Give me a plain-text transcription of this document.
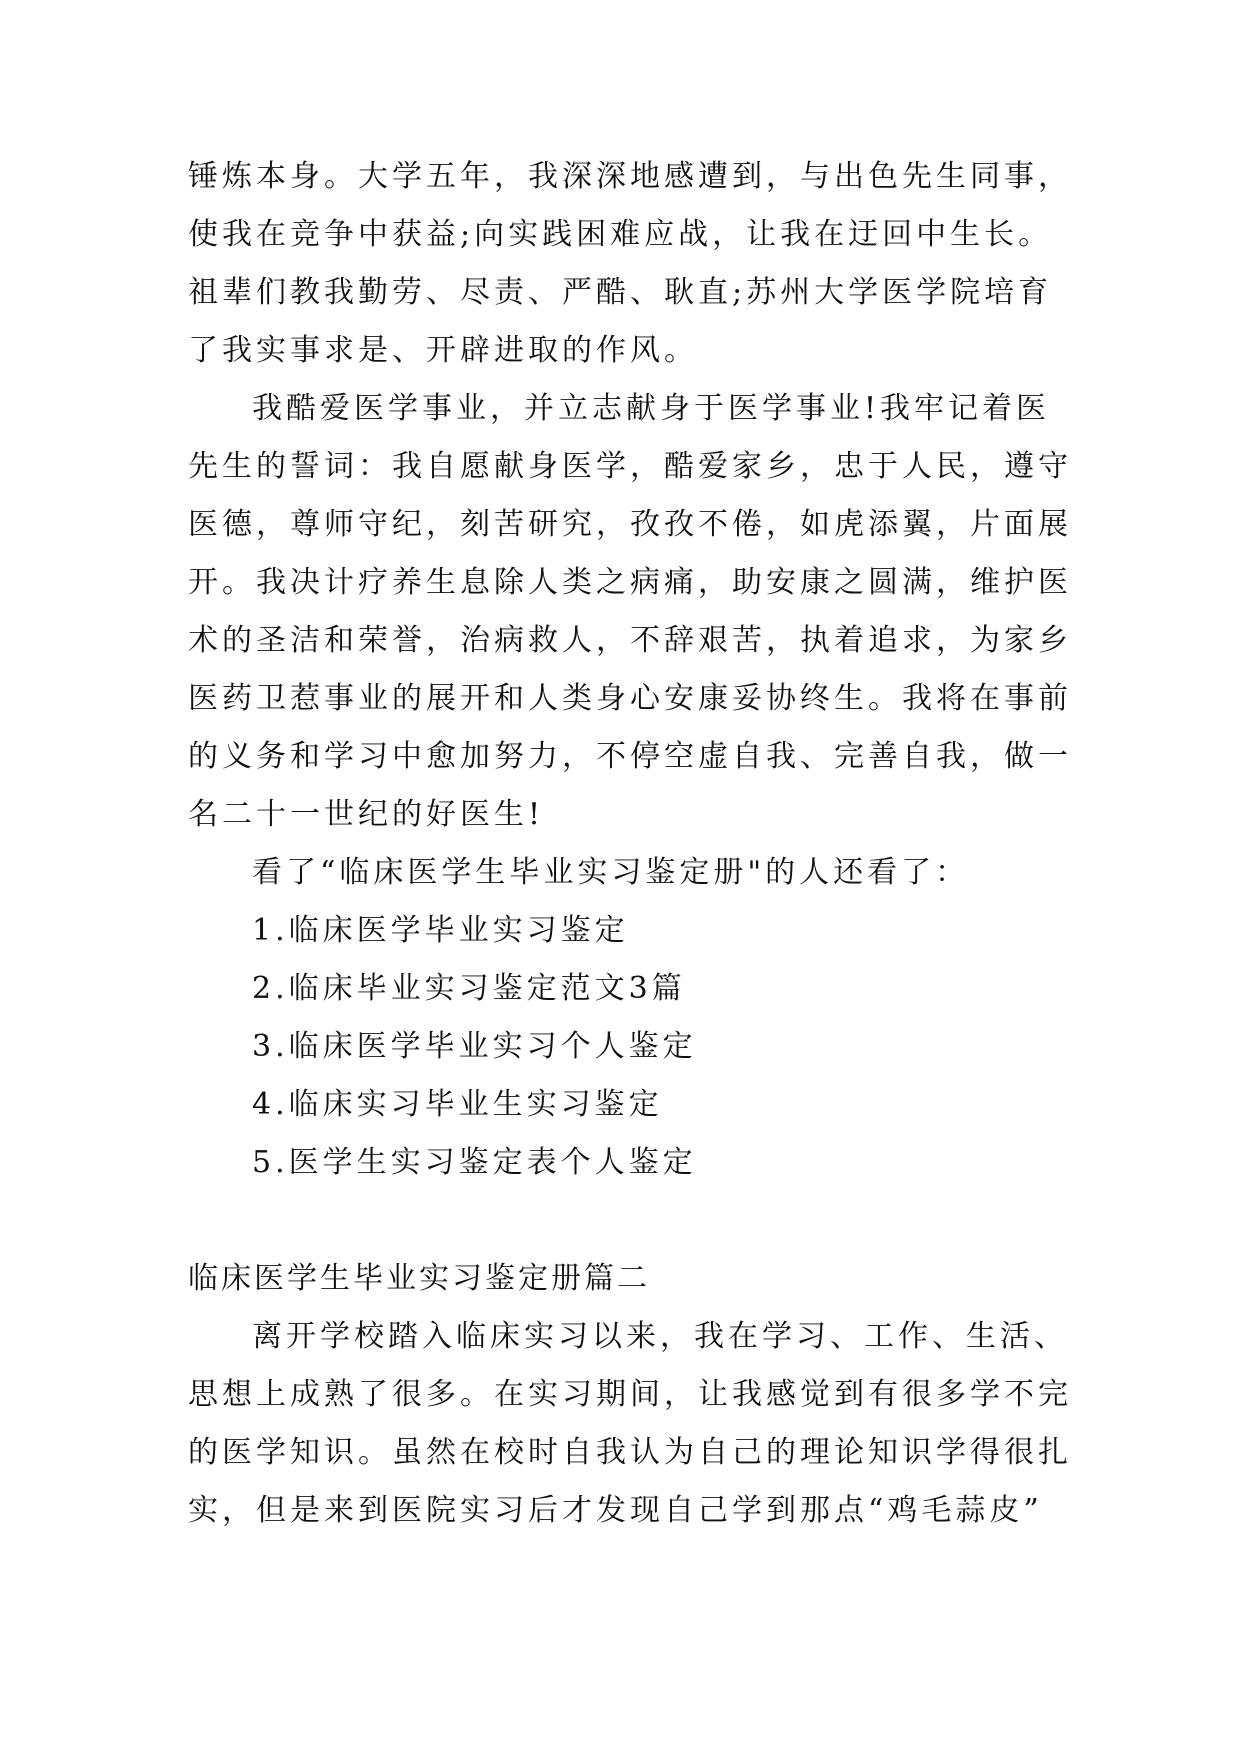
锤炼本身。大学五年，我深深地感遭到，与出色先生同事，
使我在竞争中获益;向实践困难应战，让我在迂回中生长。
祖辈们教我勤劳、尽责、严酷、耿直;苏州大学医学院培育
了我实事求是、开辟进取的作风。
我酷爱医学事业，并立志献身于医学事业!我牢记着医
先生的誓词：我自愿献身医学，酷爱家乡，忠于人民，遵守
医德，尊师守纪，刻苦研究，孜孜不倦，如虎添翼，片面展
开。我决计疗养生息除人类之病痛，助安康之圆满，维护医
术的圣洁和荣誉，治病救人，不辞艰苦，执着追求，为家乡
医药卫惹事业的展开和人类身心安康妥协终生。我将在事前
的义务和学习中愈加努力，不停空虚自我、完善自我，做一
名二十一世纪的好医生!
看了“临床医学生毕业实习鉴定册"的人还看了：
1.临床医学毕业实习鉴定
2.临床毕业实习鉴定范文3篇
3.临床医学毕业实习个人鉴定
4.临床实习毕业生实习鉴定
5.医学生实习鉴定表个人鉴定
临床医学生毕业实习鉴定册篇二
离开学校踏入临床实习以来，我在学习、工作、生活、
思想上成熟了很多。在实习期间，让我感觉到有很多学不完
的医学知识。虽然在校时自我认为自己的理论知识学得很扎
实，但是来到医院实习后才发现自己学到那点“鸡毛蒜皮”
